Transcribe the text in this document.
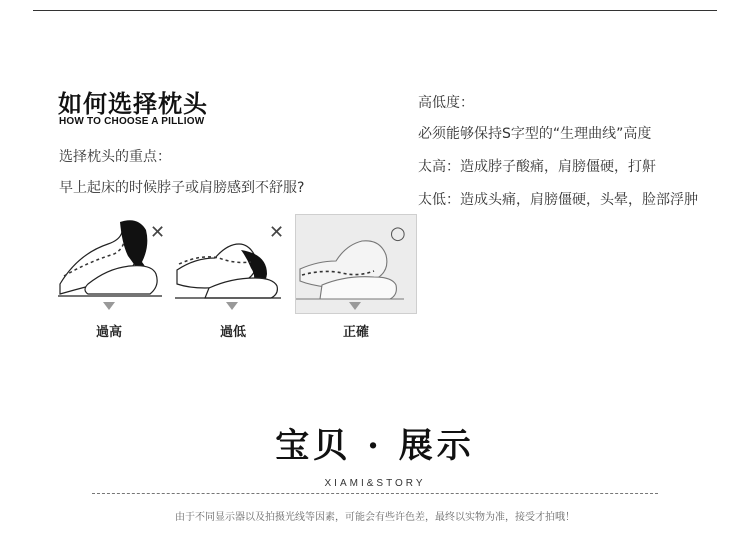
如何选择枕头
HOW TO CHOOSE A PILLIOW
选择枕头的重点：
早上起床的时候脖子或肩膀感到不舒服?
高低度：
必须能够保持S字型的“生理曲线”高度
太高：造成脖子酸痛，肩膀僵硬，打鼾
太低：造成头痛，肩膀僵硬，头晕，脸部浮肿
✕
過高
✕
過低
○
正確
宝贝 · 展示
XIAMI&STORY
由于不同显示器以及拍摄光线等因素，可能会有些许色差，最终以实物为准，接受才拍哦！
